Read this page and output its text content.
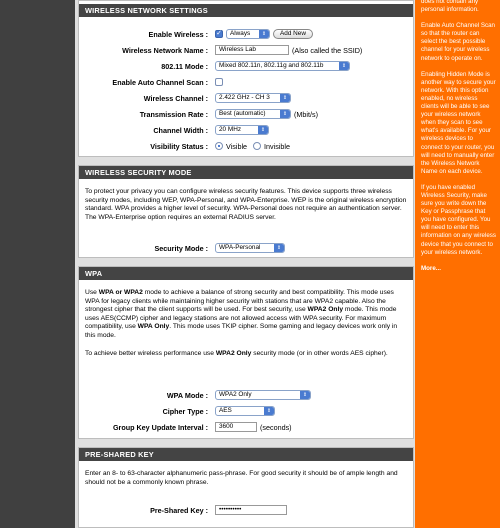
WIRELESS NETWORK SETTINGS
Enable Wireless : ✓	Always	⇕	Add New
Wireless Network Name :	Wireless Lab	(Also called the SSID)
802.11 Mode :	Mixed 802.11n, 802.11g and 802.11b	⇕
Enable Auto Channel Scan :
Wireless Channel :	2.422 GHz - CH 3	⇕
Transmission Rate :	Best (automatic)	⇕ (Mbit/s)
Channel Width :	20 MHz	⇕
Visibility Status :	Visible Invisible
WIRELESS SECURITY MODE

To protect your privacy you can configure wireless security features. This device supports three wireless security modes, including WEP, WPA-Personal, and WPA-Enterprise. WEP is the original wireless encryption standard. WPA provides a higher level of security. WPA-Personal does not require an authentication server. The WPA-Enterprise option requires an external RADIUS server.

Security Mode :	WPA-Personal	⇕
WPA

Use WPA or WPA2 mode to achieve a balance of strong security and best compatibility. This mode uses WPA for legacy clients while maintaining higher security with stations that are WPA2 capable. Also the strongest cipher that the client supports will be used. For best security, use WPA2 Only mode. This mode uses AES(CCMP) cipher and legacy stations are not allowed access with WPA security. For maximum compatibility, use WPA Only. This mode uses TKIP cipher. Some gaming and legacy devices work only in this mode.

To achieve better wireless performance use WPA2 Only security mode (or in other words AES cipher).

WPA Mode :	WPA2 Only	⇕
Cipher Type :	AES	⇕
Group Key Update Interval :	3600	(seconds)
PRE-SHARED KEY

Enter an 8- to 63-character alphanumeric pass-phrase. For good security it should be of ample length and should not be a commonly known phrase.

Pre-Shared Key :	••••••••••

does not contain any personal information.

Enable Auto Channel Scan so that the router can select the best possible channel for your wireless network to operate on.

Enabling Hidden Mode is another way to secure your network. With this option enabled, no wireless clients will be able to see your wireless network when they scan to see what's available. For your wireless devices to connect to your router, you will need to manually enter the Wireless Network Name on each device.

If you have enabled Wireless Security, make sure you write down the Key or Passphrase that you have configured. You will need to enter this information on any wireless device that you connect to your wireless network.

More...
